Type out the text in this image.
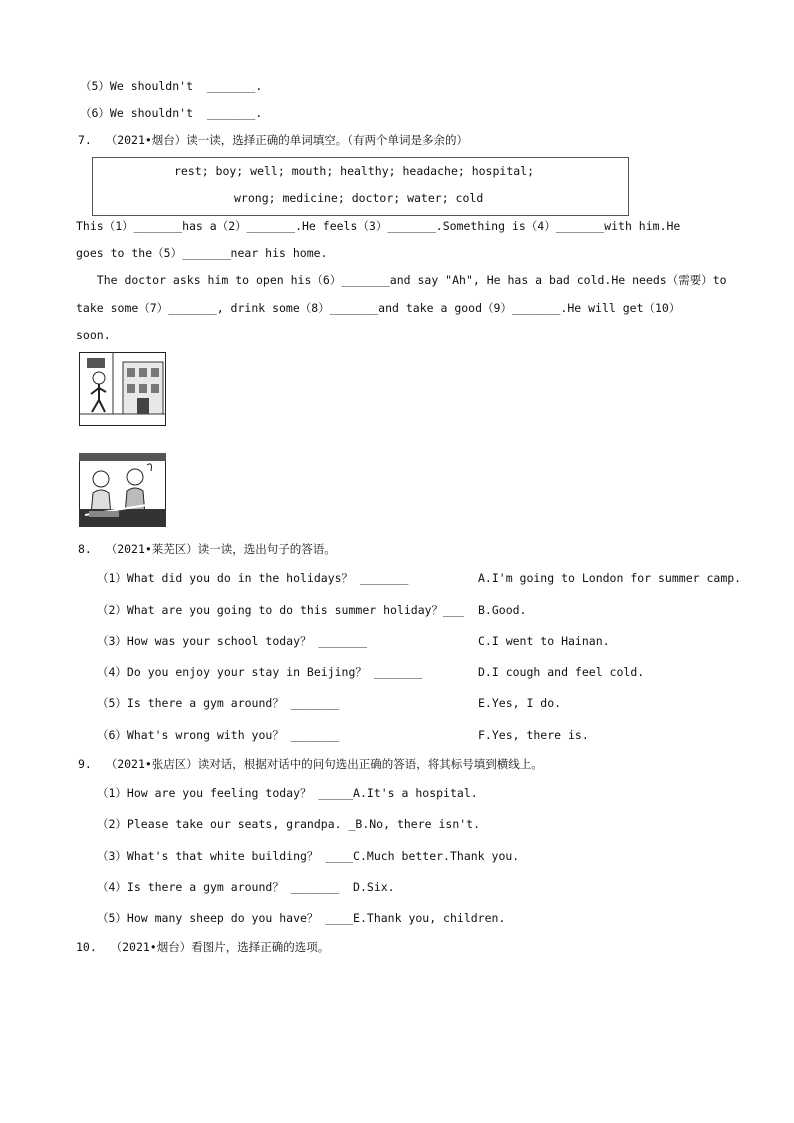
（5）We shouldn't  _______.
（6）We shouldn't  _______.
7.  （2021•烟台）读一读，选择正确的单词填空。（有两个单词是多余的）
rest; boy; well; mouth; healthy; headache; hospital;
wrong; medicine; doctor; water; cold
This（1）_______has a（2）_______.He feels（3）_______.Something is（4）_______with him.He
goes to the（5）_______near his home.
The doctor asks him to open his（6）_______and say "Ah", He has a bad cold.He needs（需要）to
take some（7）_______, drink some（8）_______and take a good（9）_______.He will get（10）
soon.
8.  （2021•莱芜区）读一读，选出句子的答语。
（1）What did you do in the holidays？ _______
（2）What are you going to do this summer holiday？___
（3）How was your school today？ _______
（4）Do you enjoy your stay in Beijing？ _______
（5）Is there a gym around？ _______
（6）What's wrong with you？ _______
A.I'm going to London for summer camp.
B.Good.
C.I went to Hainan.
D.I cough and feel cold.
E.Yes, I do.
F.Yes, there is.
9.  （2021•张店区）读对话，根据对话中的问句选出正确的答语，将其标号填到横线上。
（1）How are you feeling today？ _____A.It's a hospital.
（2）Please take our seats, grandpa. _B.No, there isn't.
（3）What's that white building？ ____C.Much better.Thank you.
（4）Is there a gym around？ _______  D.Six.
（5）How many sheep do you have？ ____E.Thank you, children.
10.  （2021•烟台）看图片，选择正确的选项。
